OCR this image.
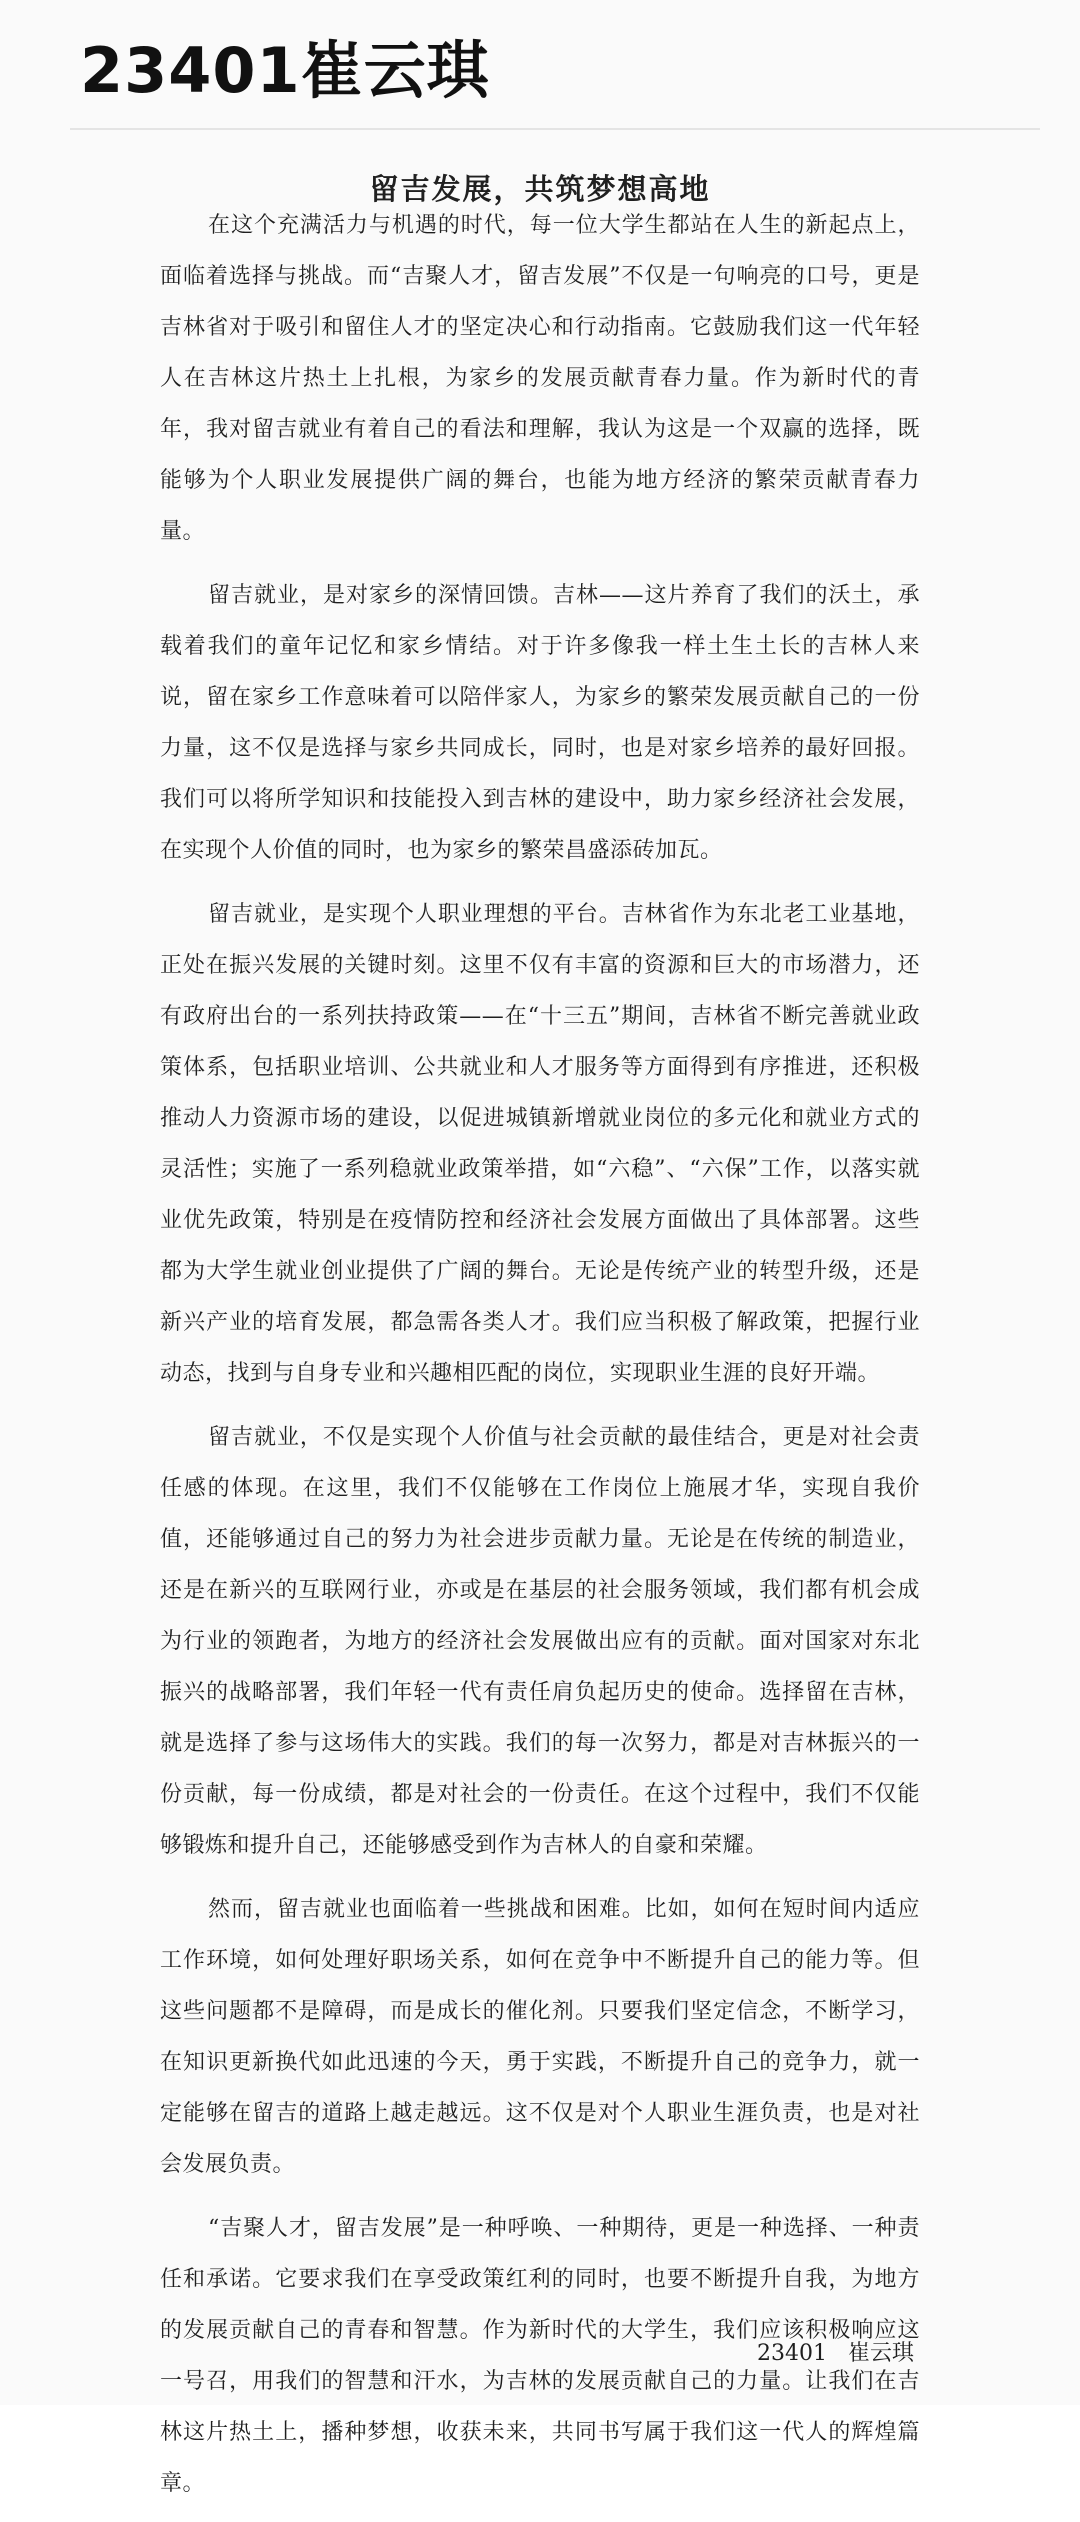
23401崔云琪
留吉发展，共筑梦想高地

在这个充满活力与机遇的时代，每一位大学生都站在人生的新起点上，面临着选择与挑战。而“吉聚人才，留吉发展”不仅是一句响亮的口号，更是吉林省对于吸引和留住人才的坚定决心和行动指南。它鼓励我们这一代年轻人在吉林这片热土上扎根，为家乡的发展贡献青春力量。作为新时代的青年，我对留吉就业有着自己的看法和理解，我认为这是一个双赢的选择，既能够为个人职业发展提供广阔的舞台，也能为地方经济的繁荣贡献青春力量。

留吉就业，是对家乡的深情回馈。吉林——这片养育了我们的沃土，承载着我们的童年记忆和家乡情结。对于许多像我一样土生土长的吉林人来说，留在家乡工作意味着可以陪伴家人，为家乡的繁荣发展贡献自己的一份力量，这不仅是选择与家乡共同成长，同时，也是对家乡培养的最好回报。我们可以将所学知识和技能投入到吉林的建设中，助力家乡经济社会发展，在实现个人价值的同时，也为家乡的繁荣昌盛添砖加瓦。

留吉就业，是实现个人职业理想的平台。吉林省作为东北老工业基地，正处在振兴发展的关键时刻。这里不仅有丰富的资源和巨大的市场潜力，还有政府出台的一系列扶持政策——在“十三五”期间，吉林省不断完善就业政策体系，包括职业培训、公共就业和人才服务等方面得到有序推进，还积极推动人力资源市场的建设，以促进城镇新增就业岗位的多元化和就业方式的灵活性；实施了一系列稳就业政策举措，如“六稳”、“六保”工作，以落实就业优先政策，特别是在疫情防控和经济社会发展方面做出了具体部署。这些都为大学生就业创业提供了广阔的舞台。无论是传统产业的转型升级，还是新兴产业的培育发展，都急需各类人才。我们应当积极了解政策，把握行业动态，找到与自身专业和兴趣相匹配的岗位，实现职业生涯的良好开端。

留吉就业，不仅是实现个人价值与社会贡献的最佳结合，更是对社会责任感的体现。在这里，我们不仅能够在工作岗位上施展才华，实现自我价值，还能够通过自己的努力为社会进步贡献力量。无论是在传统的制造业，还是在新兴的互联网行业，亦或是在基层的社会服务领域，我们都有机会成为行业的领跑者，为地方的经济社会发展做出应有的贡献。面对国家对东北振兴的战略部署，我们年轻一代有责任肩负起历史的使命。选择留在吉林，就是选择了参与这场伟大的实践。我们的每一次努力，都是对吉林振兴的一份贡献，每一份成绩，都是对社会的一份责任。在这个过程中，我们不仅能够锻炼和提升自己，还能够感受到作为吉林人的自豪和荣耀。

然而，留吉就业也面临着一些挑战和困难。比如，如何在短时间内适应工作环境，如何处理好职场关系，如何在竞争中不断提升自己的能力等。但这些问题都不是障碍，而是成长的催化剂。只要我们坚定信念，不断学习，在知识更新换代如此迅速的今天，勇于实践，不断提升自己的竞争力，就一定能够在留吉的道路上越走越远。这不仅是对个人职业生涯负责，也是对社会发展负责。

“吉聚人才，留吉发展”是一种呼唤、一种期待，更是一种选择、一种责任和承诺。它要求我们在享受政策红利的同时，也要不断提升自我，为地方的发展贡献自己的青春和智慧。作为新时代的大学生，我们应该积极响应这一号召，用我们的智慧和汗水，为吉林的发展贡献自己的力量。让我们在吉林这片热土上，播种梦想，收获未来，共同书写属于我们这一代人的辉煌篇章。

23401   崔云琪
